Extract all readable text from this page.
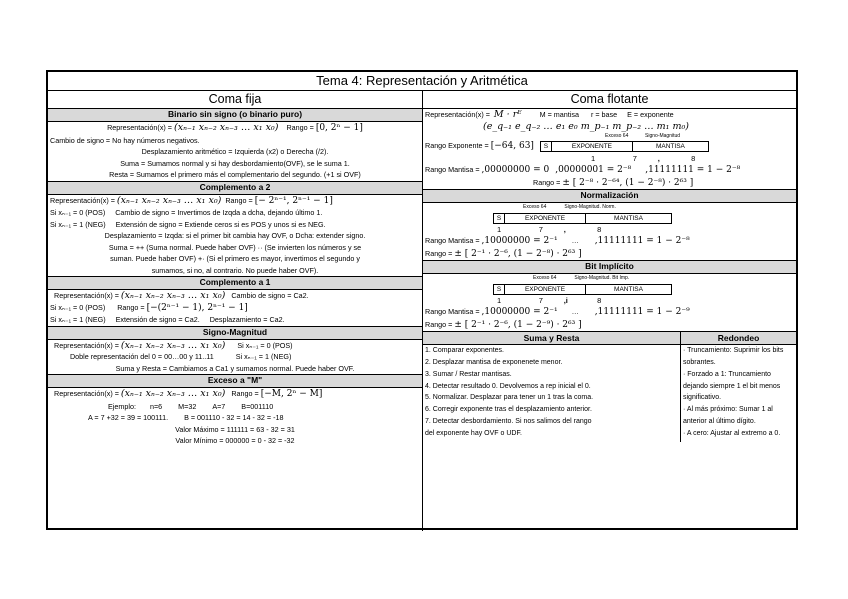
Tema 4: Representación y Aritmética
Coma fija
Binario sin signo (o binario puro)
Representación(x) = (xₙ₋₁ xₙ₋₂ xₙ₋₃ … x₁ x₀) Rango = [0, 2ⁿ − 1]
Cambio de signo = No hay números negativos.
Desplazamiento aritmético = Izquierda (x2) o Derecha (/2).
Suma = Sumamos normal y si hay desbordamiento(OVF), se le suma 1.
Resta = Sumamos el primero más el complementario del segundo. (+1 si OVF)
Complemento a 2
Representación(x) = (xₙ₋₁ xₙ₋₂ xₙ₋₃ … x₁ x₀) Rango = [− 2ⁿ⁻¹, 2ⁿ⁻¹ − 1]
Si xₙ₋₁ = 0 (POS) Cambio de signo = Invertimos de Izqda a dcha, dejando último 1.
Si xₙ₋₁ = 1 (NEG) Extensión de signo = Extiende ceros si es POS y unos si es NEG.
Desplazamiento = Izqda: si el primer bit cambia hay OVF, o Dcha: extender signo.
Suma = ++ (Suma normal. Puede haber OVF) ·· (Se invierten los números y se
suman. Puede haber OVF) +· (Si el primero es mayor, invertimos el segundo y
sumamos, si no, al contrario. No puede haber OVF).
Complemento a 1
Representación(x) = (xₙ₋₁ xₙ₋₂ xₙ₋₃ … x₁ x₀) Cambio de signo = Ca2.
Si xₙ₋₁ = 0 (POS) Rango = [−(2ⁿ⁻¹ − 1), 2ⁿ⁻¹ − 1]
Si xₙ₋₁ = 1 (NEG) Extensión de signo = Ca2. Desplazamiento = Ca2.
Signo-Magnitud
Representación(x) = (xₙ₋₁ xₙ₋₂ xₙ₋₃ … x₁ x₀) Si xₙ₋₁ = 0 (POS)
Doble representación del 0 = 00…00 y 11..11	Si xₙ₋₁ = 1 (NEG)
Suma y Resta = Cambiamos a Ca1 y sumamos normal. Puede haber OVF.
Exceso a "M"
Representación(x) = (xₙ₋₁ xₙ₋₂ xₙ₋₃ … x₁ x₀) Rango = [−M, 2ⁿ − M]
Ejemplo: n=6 M=32 A=7 B=001110
A = 7 +32 = 39 = 100111. B = 001110 - 32 = 14 - 32 = -18
Valor Máximo = 111111 = 63 - 32 = 31
Valor Mínimo = 000000 = 0 - 32 = -32
Coma flotante
Representación(x) = M · rᴱ M = mantisa r = base E = exponente
(e_q₋₁ e_q₋₂ … e₁ e₀ m_p₋₁ m_p₋₂ … m₁ m₀)
Exceso 64	Signo-Magnitud
Rango Exponente = [−64, 63]	S	EXPONENTE	MANTISA
1	7	,	8
Rango Mantisa = ,00000000 = 0 ,00000001 = 2⁻⁸ ,11111111 = 1 − 2⁻⁸
Rango = ± [ 2⁻⁸ · 2⁻⁶⁴, (1 − 2⁻⁸) · 2⁶³ ]
Normalización
Exceso 64	Signo-Magnitud. Norm.
S	EXPONENTE	MANTISA
1	7	,	8
Rango Mantisa = ,10000000 = 2⁻¹ … ,11111111 = 1 − 2⁻⁸
Rango = ± [ 2⁻¹ · 2⁻⁶, (1 − 2⁻⁸) · 2⁶³ ]
Bit Implícito
Exceso 64	Signo-Magnitud. Bit Imp.
S	EXPONENTE	MANTISA
1	7	,i	8
Rango Mantisa = ,10000000 = 2⁻¹ … ,11111111 = 1 − 2⁻⁹
Rango = ± [ 2⁻¹ · 2⁻⁶, (1 − 2⁻⁹) · 2⁶³ ]
Suma y Resta
1. Comparar exponentes.
2. Desplazar mantisa de exponenete menor.
3. Sumar / Restar mantisas.
4. Detectar resultado 0. Devolvemos a rep inicial el 0.
5. Normalizar. Desplazar para tener un 1 tras la coma.
6. Corregir exponente tras el desplazamiento anterior.
7. Detectar desbordamiento. Si nos salimos del rango
del exponente hay OVF o UDF.
Redondeo
· Truncamiento: Suprimir los bits
sobrantes.
· Forzado a 1: Truncamiento
dejando siempre 1 el bit menos
significativo.
· Al más próximo: Sumar 1 al
anterior al último dígito.
· A cero: Ajustar al extremo a 0.
